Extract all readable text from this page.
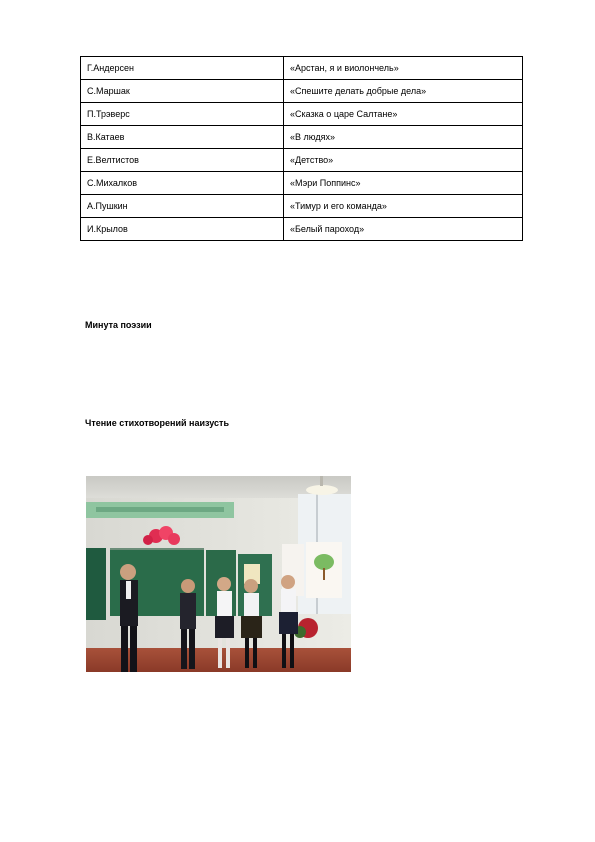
Г.Андерсен	«Арстан, я и виолончель»
С.Маршак	«Спешите делать добрые дела»
П.Трэверс	«Сказка о царе Салтане»
В.Катаев	«В людях»
Е.Велтистов	«Детство»
С.Михалков	«Мэри Поппинс»
А.Пушкин	«Тимур и его команда»
И.Крылов	«Белый пароход»
Минута поэзии
Чтение стихотворений наизусть
